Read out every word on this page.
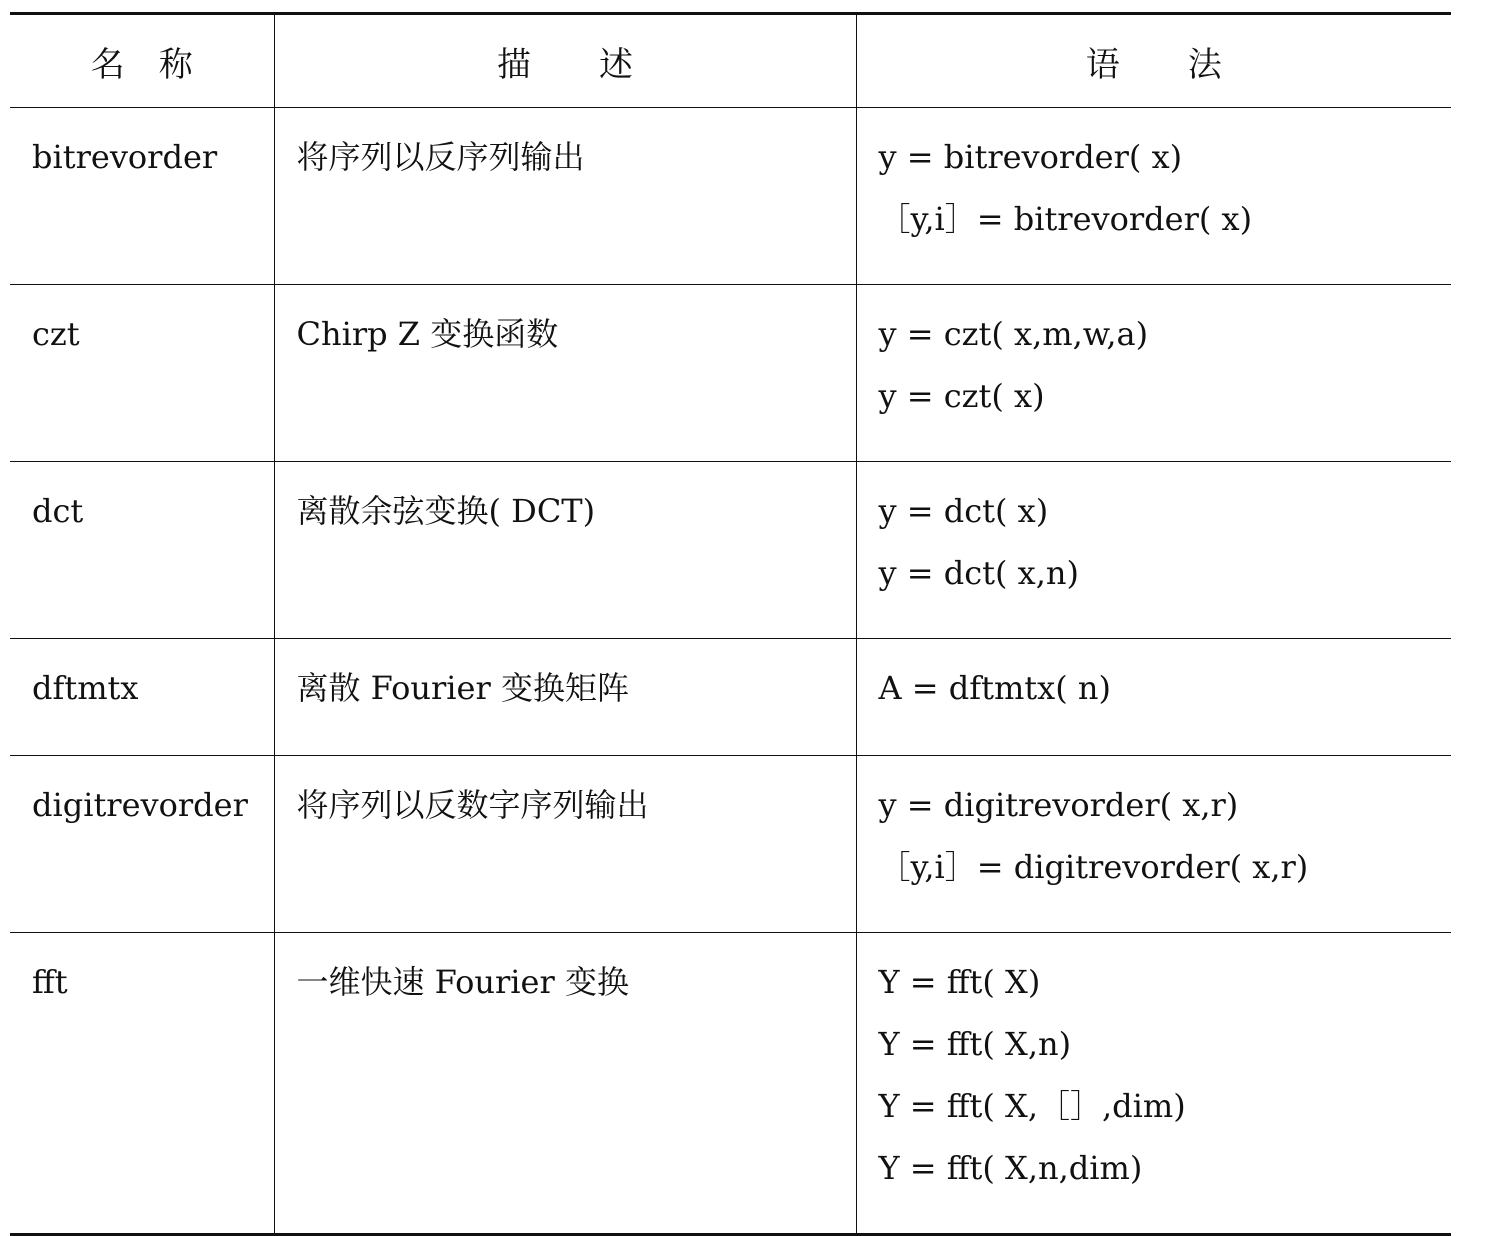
名　称	描　　述	语　　法
bitrevorder	将序列以反序列输出	y = bitrevorder( x)
［y,i］= bitrevorder( x)

czt	Chirp Z 变换函数	y = czt( x,m,w,a)
y = czt( x)

dct	离散余弦变换( DCT)	y = dct( x)
y = dct( x,n)

dftmtx	离散 Fourier 变换矩阵	A = dftmtx( n)

digitrevorder	将序列以反数字序列输出	y = digitrevorder( x,r)
［y,i］= digitrevorder( x,r)

fft	一维快速 Fourier 变换	Y = fft( X)
Y = fft( X,n)
Y = fft( X,［］,dim)
Y = fft( X,n,dim)
